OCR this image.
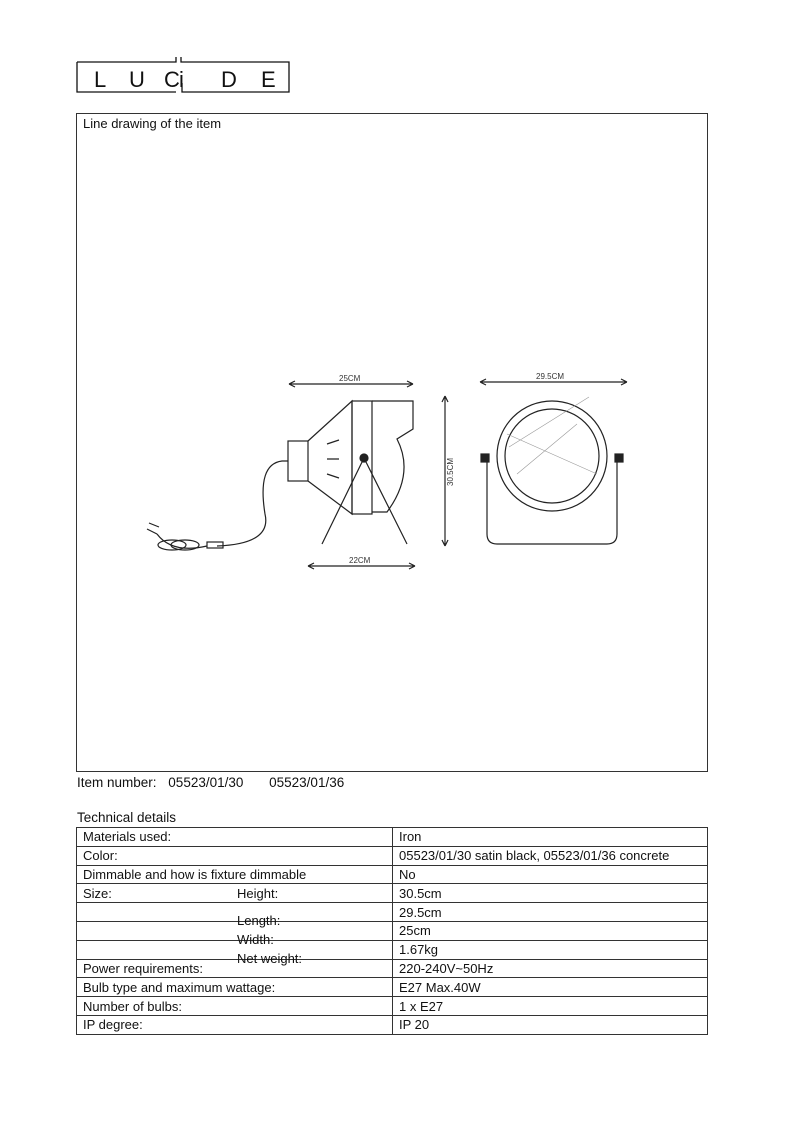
L U C i D E
Line drawing of the item
25CM
22CM
29.5CM
30.5CM
Item number: 05523/01/30 05523/01/36
Technical details
Materials used:	Iron
Color:	05523/01/30 satin black, 05523/01/36 concrete
Dimmable and how is fixture dimmable	No
Size: Height:	30.5cm

Length:	29.5cm

Width:	25cm

Net weight:	1.67kg
Power requirements:	220-240V~50Hz
Bulb type and maximum wattage:	E27 Max.40W
Number of bulbs:	1 x E27
IP degree:	IP 20
